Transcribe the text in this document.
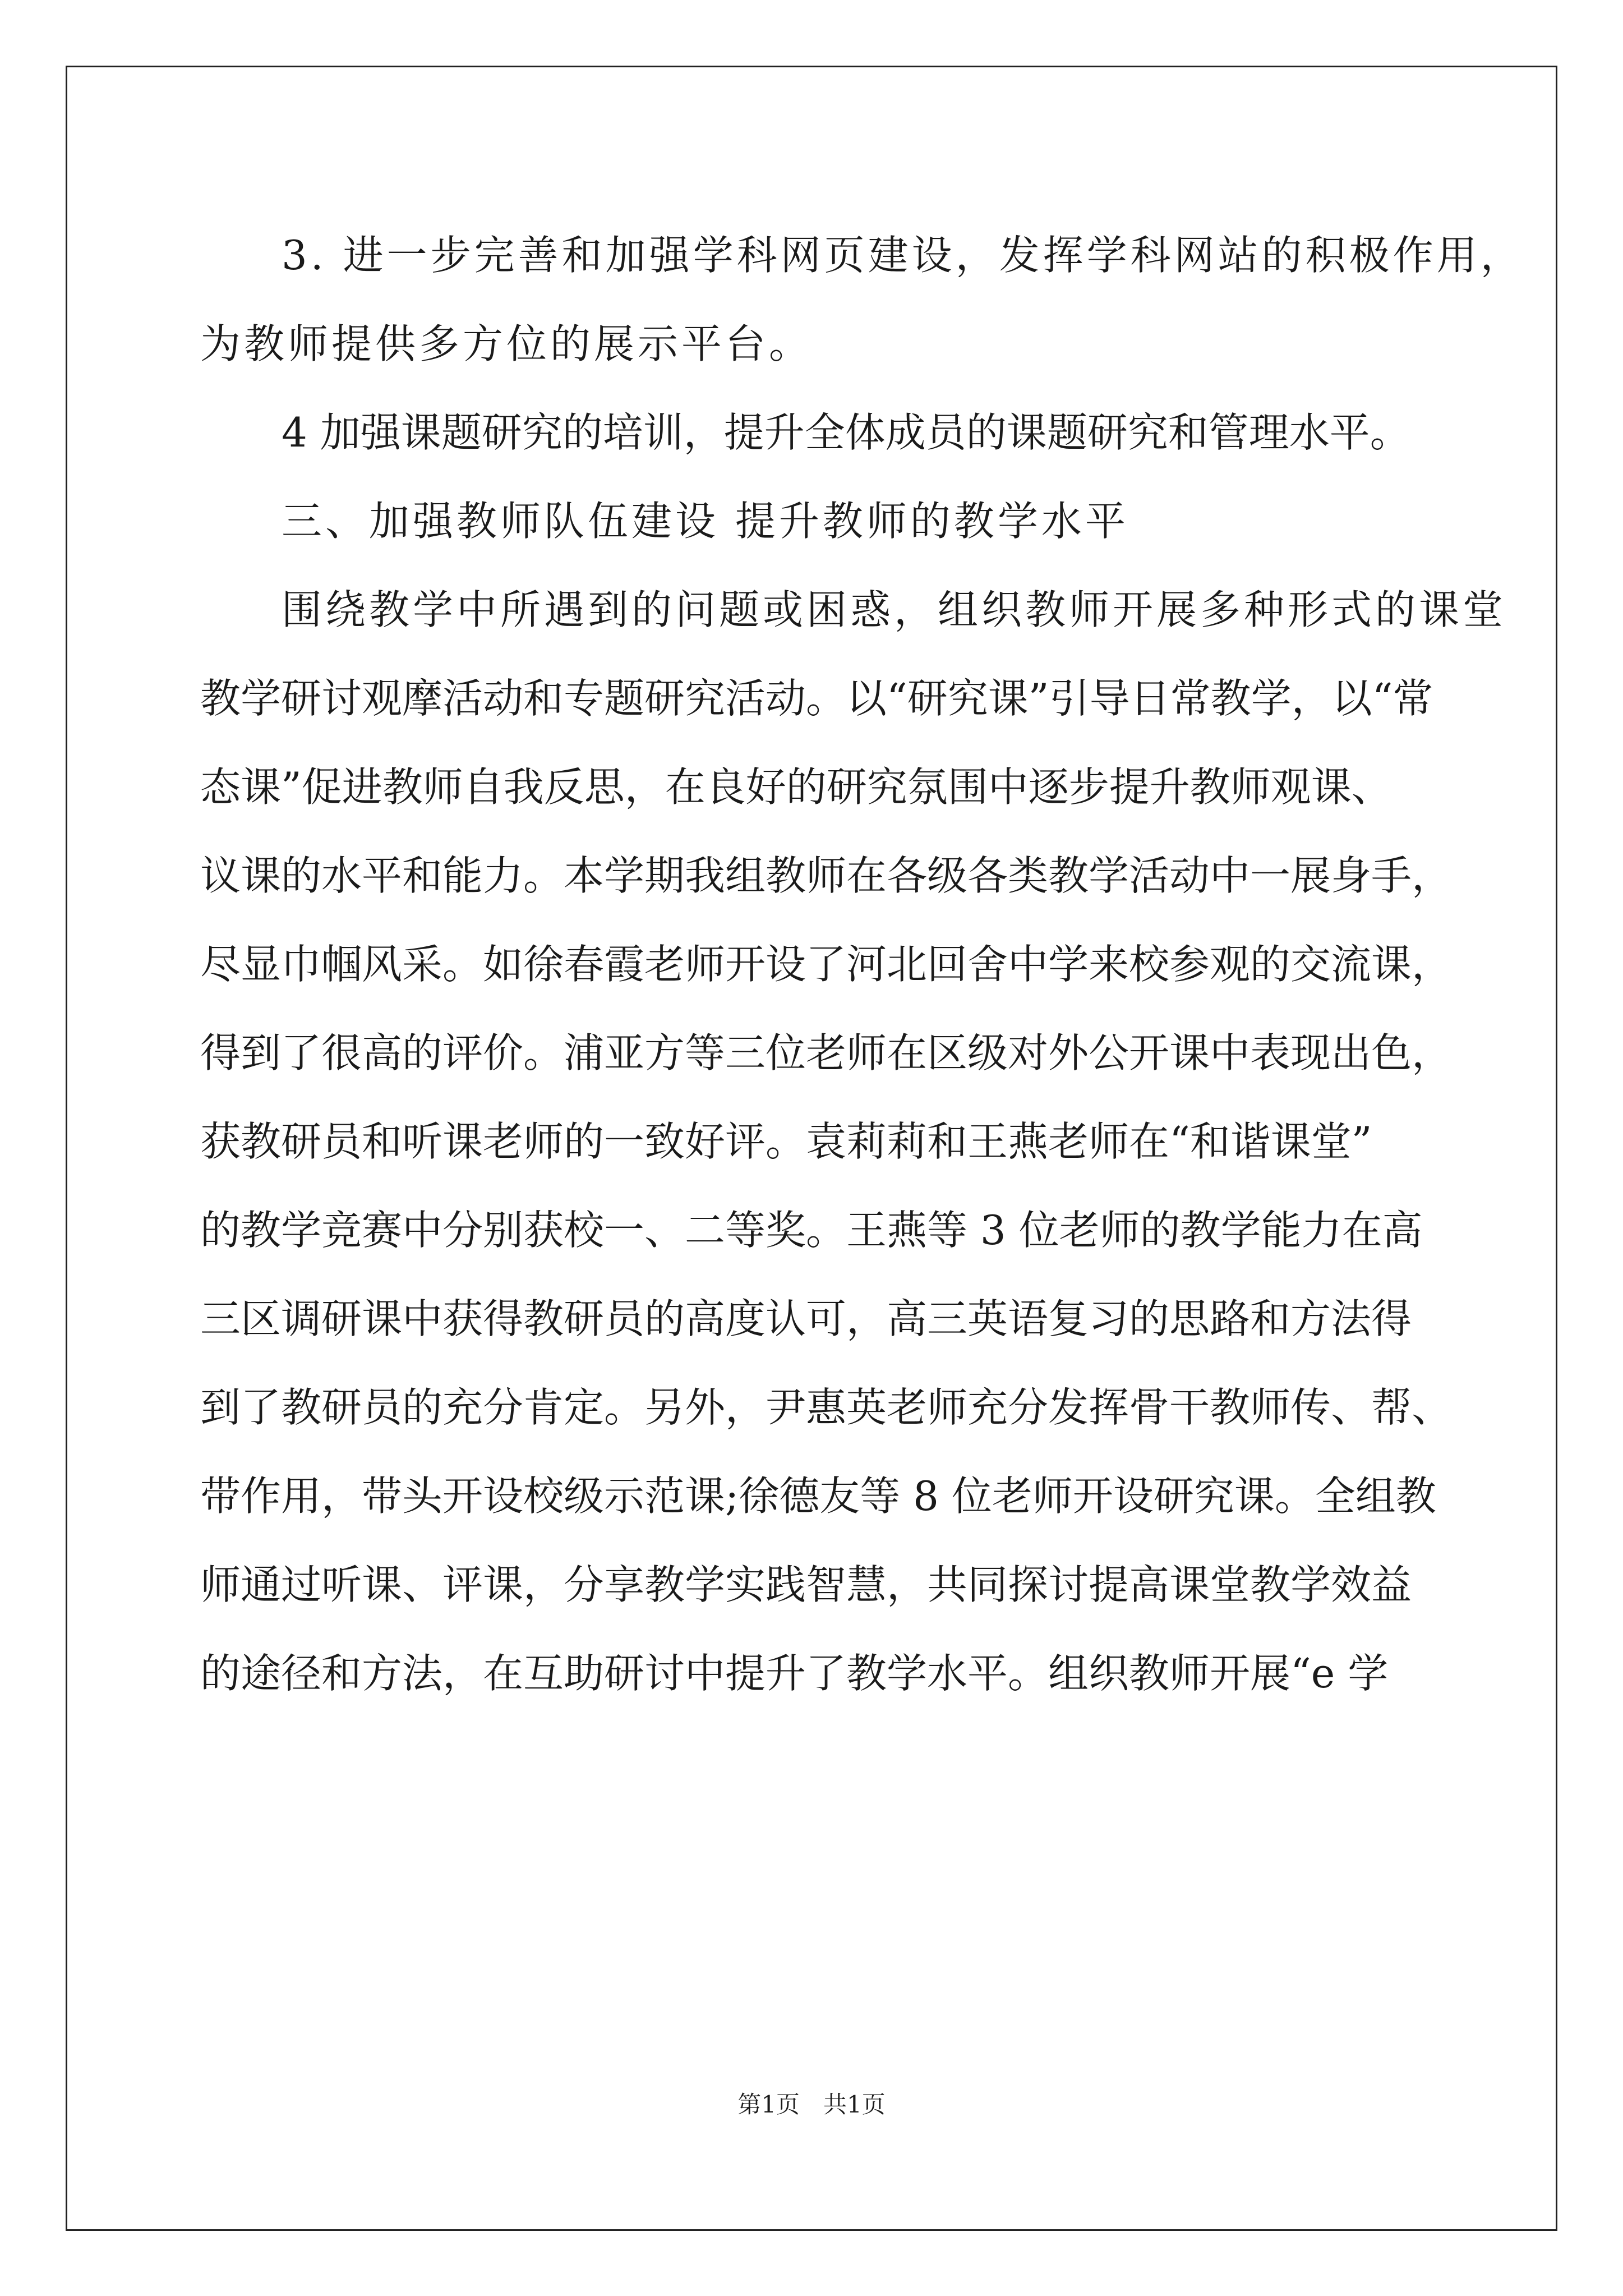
3. 进一步完善和加强学科网页建设，发挥学科网站的积极作用，
为教师提供多方位的展示平台。
4 加强课题研究的培训，提升全体成员的课题研究和管理水平。
三、加强教师队伍建设 提升教师的教学水平
围绕教学中所遇到的问题或困惑，组织教师开展多种形式的课堂
教学研讨观摩活动和专题研究活动。以“研究课”引导日常教学，以“常
态课”促进教师自我反思，在良好的研究氛围中逐步提升教师观课、
议课的水平和能力。本学期我组教师在各级各类教学活动中一展身手，
尽显巾帼风采。如徐春霞老师开设了河北回舍中学来校参观的交流课，
得到了很高的评价。浦亚方等三位老师在区级对外公开课中表现出色，
获教研员和听课老师的一致好评。袁莉莉和王燕老师在“和谐课堂”
的教学竞赛中分别获校一、二等奖。王燕等 3 位老师的教学能力在高
三区调研课中获得教研员的高度认可，高三英语复习的思路和方法得
到了教研员的充分肯定。另外，尹惠英老师充分发挥骨干教师传、帮、
带作用，带头开设校级示范课;徐德友等 8 位老师开设研究课。全组教
师通过听课、评课，分享教学实践智慧，共同探讨提高课堂教学效益
的途径和方法，在互助研讨中提升了教学水平。组织教师开展“e 学
第1页　共1页
